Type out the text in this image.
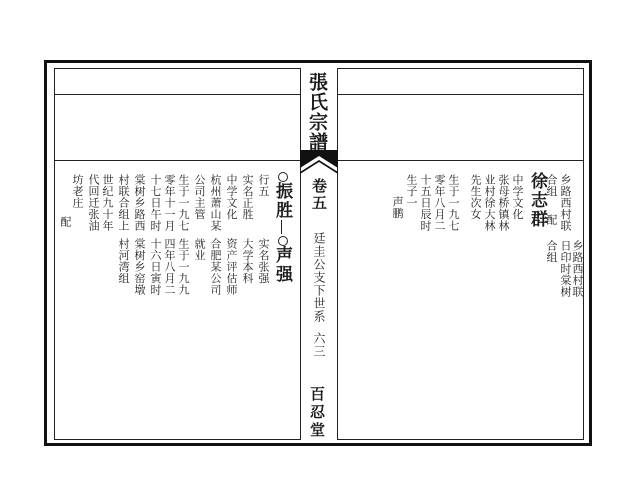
張氏宗譜
卷五
廷圭公支下世系
六三
百忍堂
乡路西村联
合组
配
日印时棠树 乡路西村联
合组
徐志群
中学文化
张母桥镇林
业村徐大林
先生次女
生于一九七
零年八月二
十五日辰时
生子一
声鹏
振胜
声强
行五
实名正胜
中学文化
杭州萧山某
公司主管
生于一九七
零年十一月
十七日午时
村联合组上
世纪九十年
代回迁张油
坊老庄
配
实名张强
大学本科
资产评估师
合肥某公司
就业
生于一九九
四年八月二
十六日寅时
棠树乡窑墩
棠树乡路西
村河湾组
